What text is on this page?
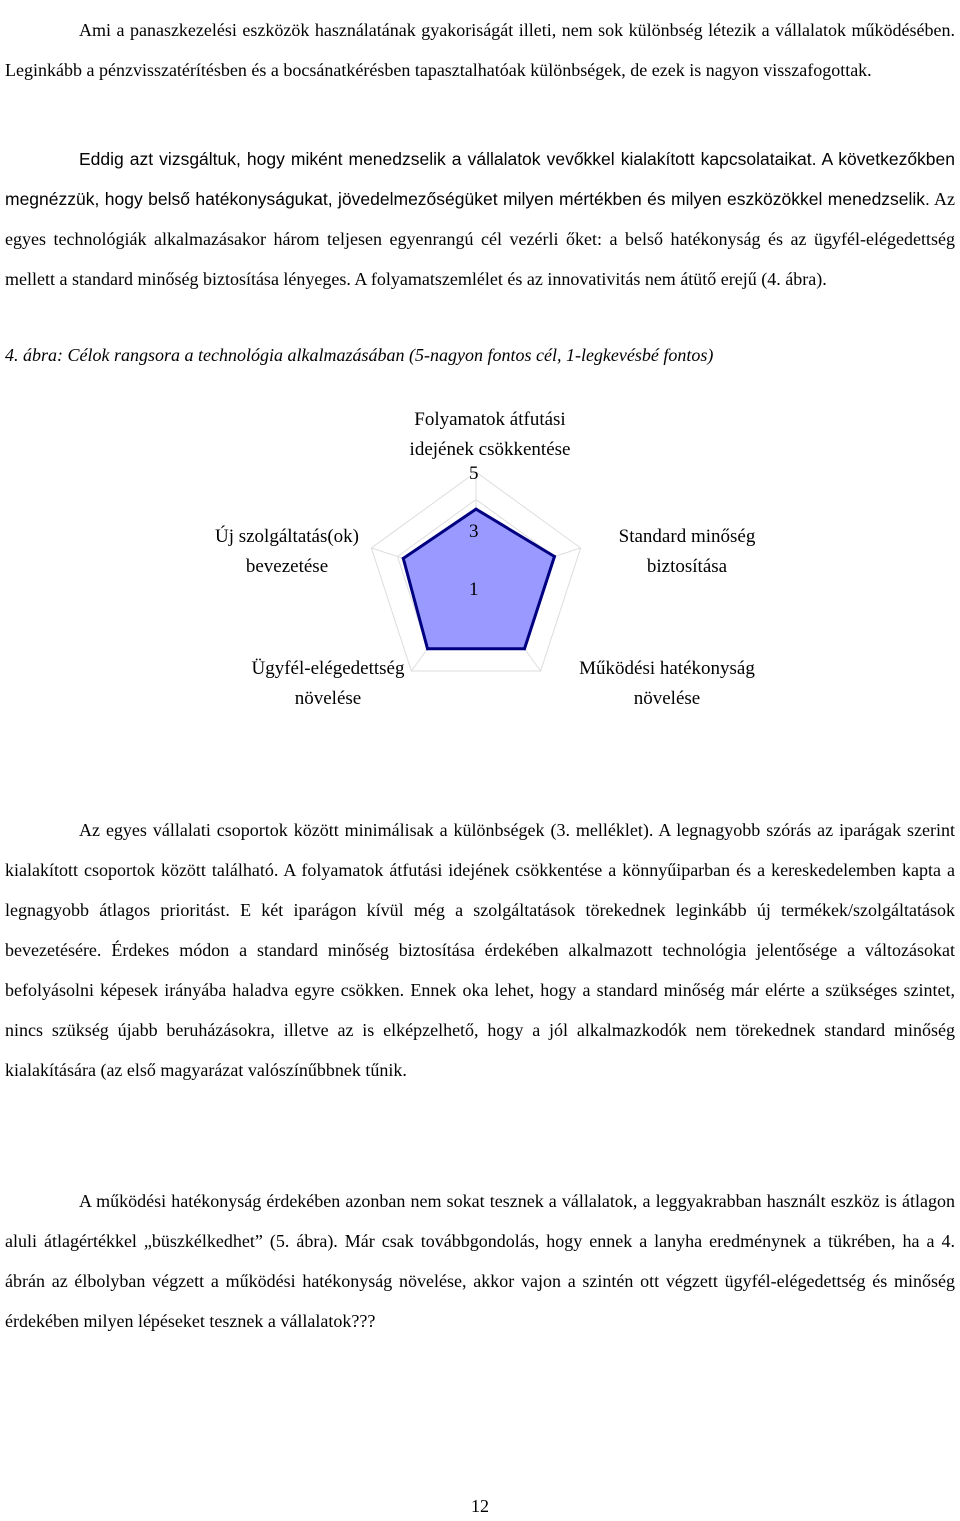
Ami a panaszkezelési eszközök használatának gyakoriságát illeti, nem sok különbség létezik a vállalatok működésében. Leginkább a pénzvisszatérítésben és a bocsánatkérésben tapasztalhatóak különbségek, de ezek is nagyon visszafogottak.

Eddig azt vizsgáltuk, hogy miként menedzselik a vállalatok vevőkkel kialakított kapcsolataikat. A következőkben megnézzük, hogy belső hatékonyságukat, jövedelmezőségüket milyen mértékben és milyen eszközökkel menedzselik. Az egyes technológiák alkalmazásakor három teljesen egyenrangú cél vezérli őket: a belső hatékonyság és az ügyfél-elégedettség mellett a standard minőség biztosítása lényeges. A folyamatszemlélet és az innovativitás nem átütő erejű (4. ábra).

4. ábra: Célok rangsora a technológia alkalmazásában (5-nagyon fontos cél, 1-legkevésbé fontos)
1
3
5
Folyamatok átfutási idejének csökkentése
Standard minőség biztosítása
Működési hatékonyság növelése
Ügyfél-elégedettség növelése
Új szolgáltatás(ok) bevezetése

Az egyes vállalati csoportok között minimálisak a különbségek (3. melléklet). A legnagyobb szórás az iparágak szerint kialakított csoportok között található. A folyamatok átfutási idejének csökkentése a könnyűiparban és a kereskedelemben kapta a legnagyobb átlagos prioritást. E két iparágon kívül még a szolgáltatások törekednek leginkább új termékek/szolgáltatások bevezetésére. Érdekes módon a standard minőség biztosítása érdekében alkalmazott technológia jelentősége a változásokat befolyásolni képesek irányába haladva egyre csökken. Ennek oka lehet, hogy a standard minőség már elérte a szükséges szintet, nincs szükség újabb beruházásokra, illetve az is elképzelhető, hogy a jól alkalmazkodók nem törekednek standard minőség kialakítására (az első magyarázat valószínűbbnek tűnik.

A működési hatékonyság érdekében azonban nem sokat tesznek a vállalatok, a leggyakrabban használt eszköz is átlagon aluli átlagértékkel „büszkélkedhet” (5. ábra). Már csak továbbgondolás, hogy ennek a lanyha eredménynek a tükrében, ha a 4. ábrán az élbolyban végzett a működési hatékonyság növelése, akkor vajon a szintén ott végzett ügyfél-elégedettség és minőség érdekében milyen lépéseket tesznek a vállalatok???

12
